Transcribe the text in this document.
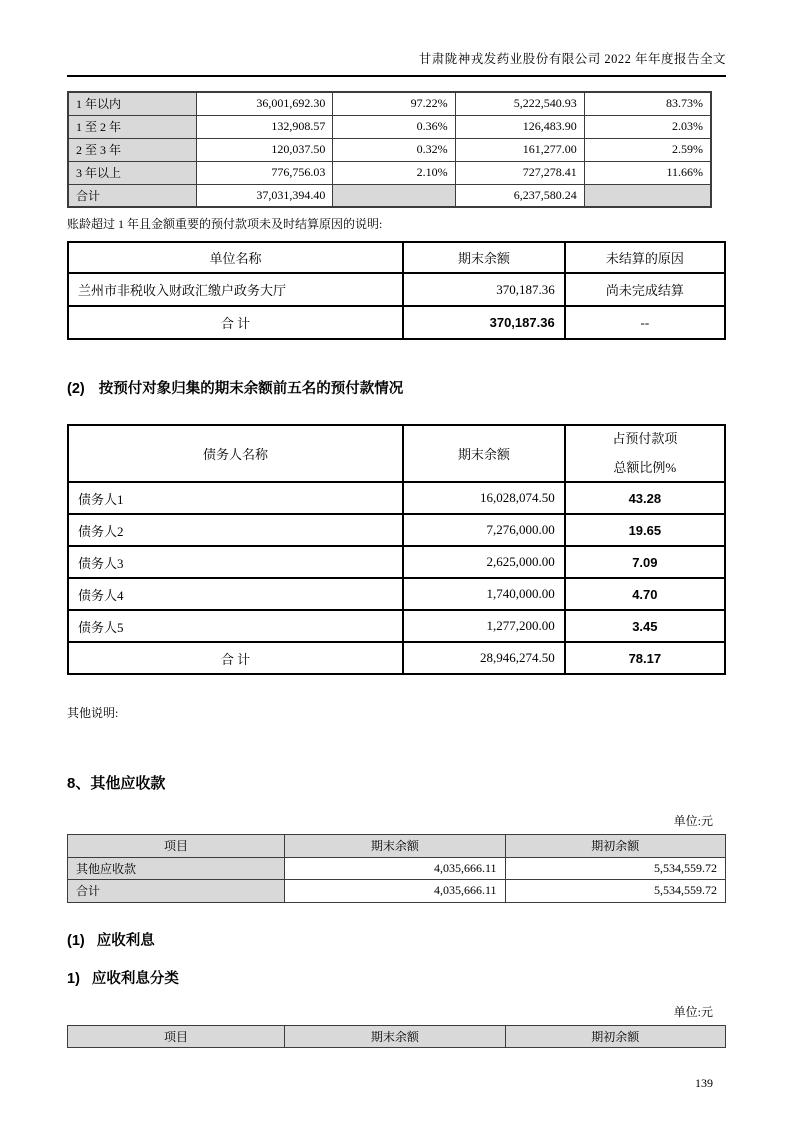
甘肃陇神戎发药业股份有限公司 2022 年年度报告全文
1 年以内	36,001,692.30	97.22%	5,222,540.93	83.73%
1 至 2 年	132,908.57	0.36%	126,483.90	2.03%
2 至 3 年	120,037.50	0.32%	161,277.00	2.59%
3 年以上	776,756.03	2.10%	727,278.41	11.66%
合计	37,031,394.40		6,237,580.24	
账龄超过 1 年且金额重要的预付款项未及时结算原因的说明:
单位名称	期末余额	未结算的原因
兰州市非税收入财政汇缴户政务大厅	370,187.36	尚未完成结算
合 计	370,187.36	--
(2) 按预付对象归集的期末余额前五名的预付款情况
债务人名称	期末余额	占预付款项
总额比例%

债务人1	16,028,074.50	43.28
债务人2	7,276,000.00	19.65
债务人3	2,625,000.00	7.09
债务人4	1,740,000.00	4.70
债务人5	1,277,200.00	3.45
合 计	28,946,274.50	78.17
其他说明:
8、其他应收款
单位:元
项目	期末余额	期初余额
其他应收款	4,035,666.11	5,534,559.72
合计	4,035,666.11	5,534,559.72
(1) 应收利息
1) 应收利息分类
单位:元
项目	期末余额	期初余额
139
